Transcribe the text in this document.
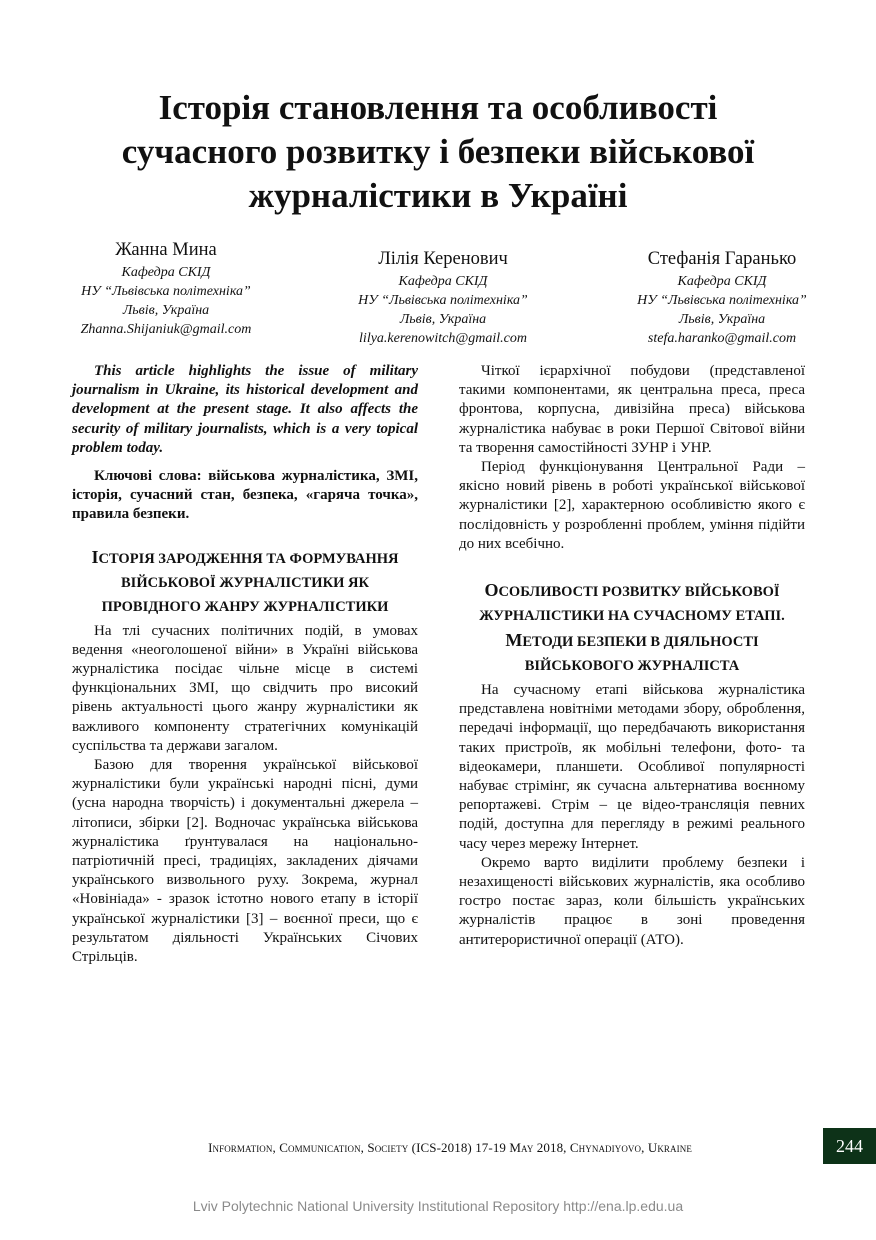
Історія становлення та особливості
сучасного розвитку і безпеки військової
журналістики в Україні
Жанна Мина
Кафедра СКІД
НУ “Львівська політехніка”
Львів, Україна
Zhanna.Shijaniuk@gmail.com
Лілія Керенович
Кафедра СКІД
НУ “Львівська політехніка”
Львів, Україна
lilya.kerenowitch@gmail.com
Стефанія Гаранько
Кафедра СКІД
НУ “Львівська політехніка”
Львів, Україна
stefa.haranko@gmail.com

This article highlights the issue of military journalism in Ukraine, its historical development and development at the present stage. It also affects the security of military journalists, which is a very topical problem today.

Ключові слова: військова журналістика, ЗМІ, історія, сучасний стан, безпека, «гаряча точка», правила безпеки.

ІСТОРІЯ ЗАРОДЖЕННЯ ТА ФОРМУВАННЯ ВІЙСЬКОВОЇ ЖУРНАЛІСТИКИ ЯК ПРОВІДНОГО ЖАНРУ ЖУРНАЛІСТИКИ

На тлі сучасних політичних подій, в умовах ведення «неоголошеної війни» в Україні військова журналістика посідає чільне місце в системі функціональних ЗМІ, що свідчить про високий рівень актуальності цього жанру журналістики як важливого компоненту стратегічних комунікацій суспільства та держави загалом.

Базою для творення української військової журналістики були українські народні пісні, думи (усна народна творчість) і документальні джерела – літописи, збірки [2]. Водночас українська військова журналістика ґрунтувалася на національно-патріотичній пресі, традиціях, закладених діячами українського визвольного руху. Зокрема, журнал «Новініада» - зразок істотно нового етапу в історії української журналістики [3] – воєнної преси, що є результатом діяльності Українських Січових Стрільців.

Чіткої ієрархічної побудови (представленої такими компонентами, як центральна преса, преса фронтова, корпусна, дивізійна преса) військова журналістика набуває в роки Першої Світової війни та творення самостійності ЗУНР і УНР.

Період функціонування Центральної Ради – якісно новий рівень в роботі української військової журналістики [2], характерною особливістю якого є послідовність у розробленні проблем, уміння підійти до них всебічно.

ОСОБЛИВОСТІ РОЗВИТКУ ВІЙСЬКОВОЇ ЖУРНАЛІСТИКИ НА СУЧАСНОМУ ЕТАПІ. МЕТОДИ БЕЗПЕКИ В ДІЯЛЬНОСТІ ВІЙСЬКОВОГО ЖУРНАЛІСТА

На сучасному етапі військова журналістика представлена новітніми методами збору, оброблення, передачі інформації, що передбачають використання таких пристроїв, як мобільні телефони, фото- та відеокамери, планшети. Особливої популярності набуває стрімінг, як сучасна альтернатива воєнному репортажеві. Стрім – це відео-трансляція певних подій, доступна для перегляду в режимі реального часу через мережу Інтернет.

Окремо варто виділити проблему безпеки і незахищеності військових журналістів, яка особливо гостро постає зараз, коли більшість українських журналістів працює в зоні проведення антитерористичної операції (АТО).

Information, Communication, Society (ICS-2018) 17-19 May 2018, Chynadiyovo, Ukraine	244
Lviv Polytechnic National University Institutional Repository http://ena.lp.edu.ua
